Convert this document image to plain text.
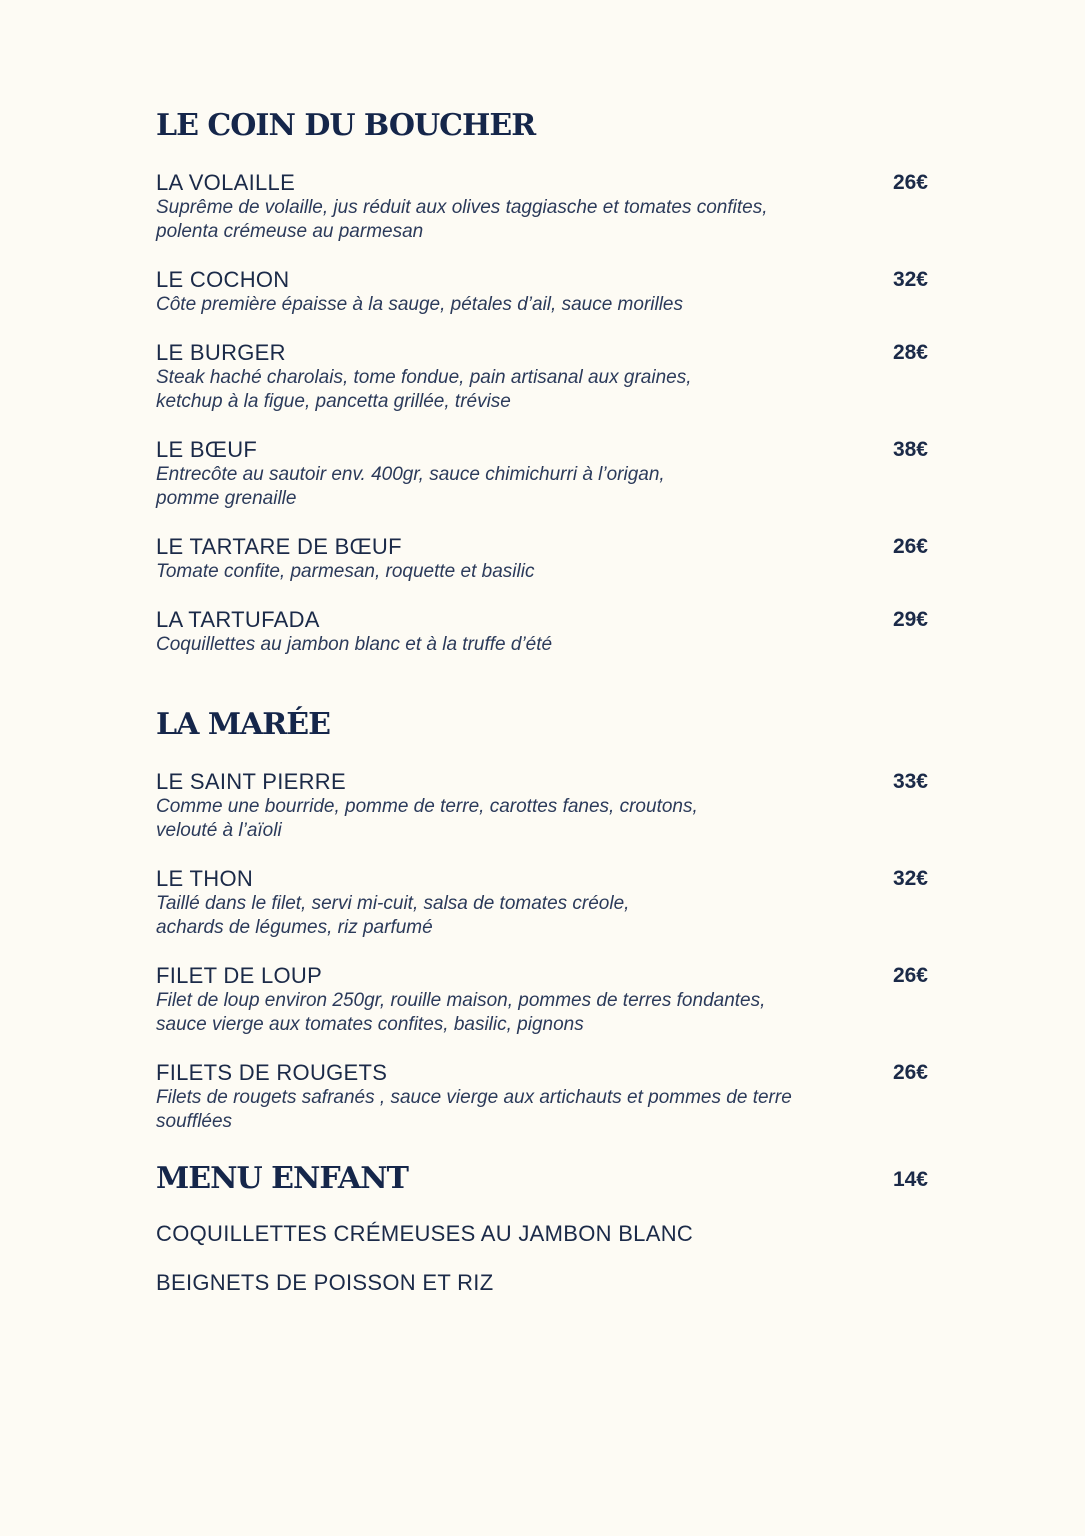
LE COIN DU BOUCHER
LA VOLAILLE	26€
Suprême de volaille, jus réduit aux olives taggiasche et tomates confites,
polenta crémeuse au parmesan
LE COCHON	32€
Côte première épaisse à la sauge, pétales d’ail, sauce morilles
LE BURGER	28€
Steak haché charolais, tome fondue, pain artisanal aux graines,
ketchup à la figue, pancetta grillée, trévise
LE BŒUF	38€
Entrecôte au sautoir env. 400gr, sauce chimichurri à l’origan,
pomme grenaille
LE TARTARE DE BŒUF	26€
Tomate confite, parmesan, roquette et basilic
LA TARTUFADA	29€
Coquillettes au jambon blanc et à la truffe d’été
LA MARÉE
LE SAINT PIERRE	33€
Comme une bourride, pomme de terre, carottes fanes, croutons,
velouté à l’aïoli
LE THON	32€
Taillé dans le filet, servi mi-cuit, salsa de tomates créole,
achards de légumes, riz parfumé
FILET DE LOUP	26€
Filet de loup environ 250gr, rouille maison, pommes de terres fondantes,
sauce vierge aux tomates confites, basilic, pignons
FILETS DE ROUGETS	26€
Filets de rougets safranés , sauce vierge aux artichauts et pommes de terre
soufflées
MENU ENFANT	14€
COQUILLETTES CRÉMEUSES AU JAMBON BLANC
BEIGNETS DE POISSON ET RIZ
